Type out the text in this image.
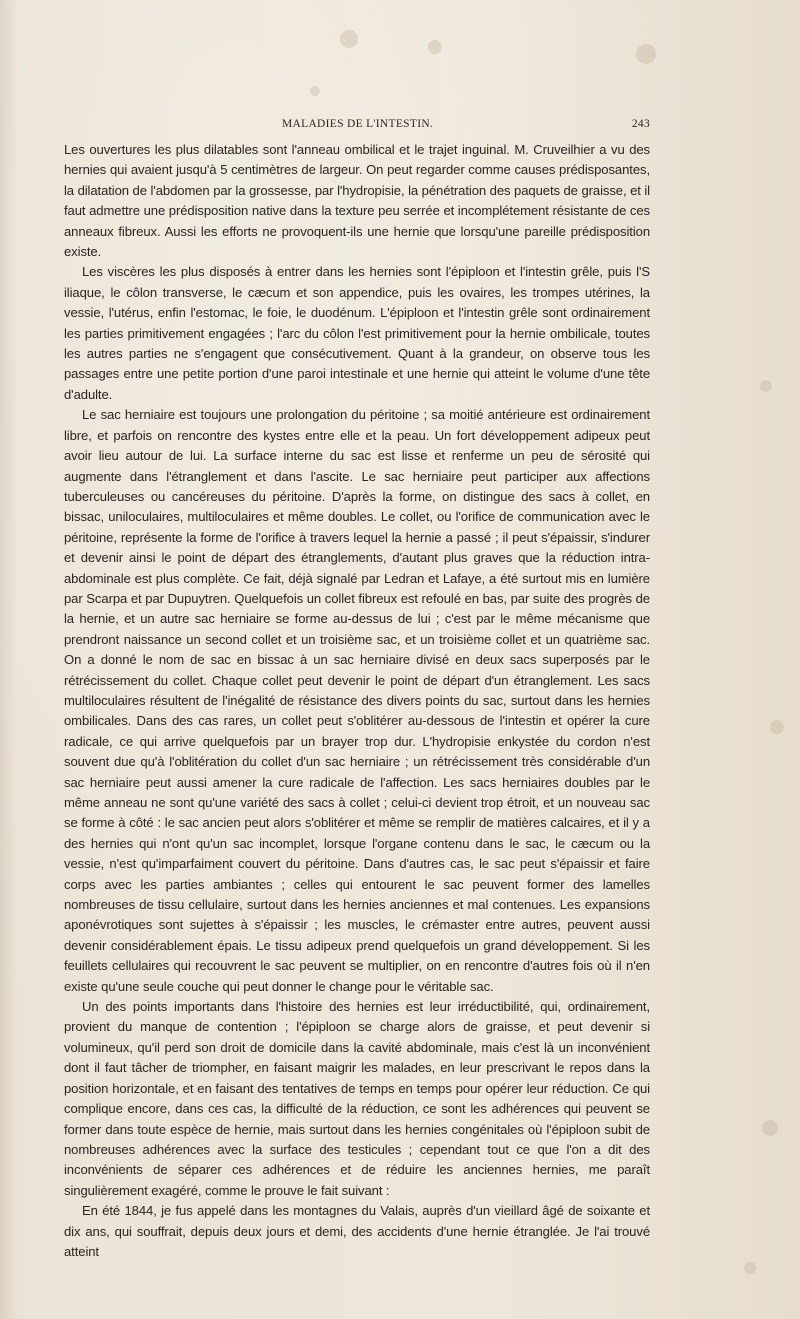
MALADIES DE L'INTESTIN.	243

Les ouvertures les plus dilatables sont l'anneau ombilical et le trajet inguinal. M. Cruveilhier a vu des hernies qui avaient jusqu'à 5 centimètres de largeur. On peut regarder comme causes prédisposantes, la dilatation de l'abdomen par la grossesse, par l'hydropisie, la pénétration des paquets de graisse, et il faut admettre une prédisposition native dans la texture peu serrée et incomplétement résistante de ces anneaux fibreux. Aussi les efforts ne provoquent-ils une hernie que lorsqu'une pareille prédisposition existe.

Les viscères les plus disposés à entrer dans les hernies sont l'épiploon et l'intestin grêle, puis l'S iliaque, le côlon transverse, le cæcum et son appendice, puis les ovaires, les trompes utérines, la vessie, l'utérus, enfin l'estomac, le foie, le duodénum. L'épiploon et l'intestin grêle sont ordinairement les parties primitivement engagées ; l'arc du côlon l'est primitivement pour la hernie ombilicale, toutes les autres parties ne s'engagent que consécutivement. Quant à la grandeur, on observe tous les passages entre une petite portion d'une paroi intestinale et une hernie qui atteint le volume d'une tête d'adulte.

Le sac herniaire est toujours une prolongation du péritoine ; sa moitié antérieure est ordinairement libre, et parfois on rencontre des kystes entre elle et la peau. Un fort développement adipeux peut avoir lieu autour de lui. La surface interne du sac est lisse et renferme un peu de sérosité qui augmente dans l'étranglement et dans l'ascite. Le sac herniaire peut participer aux affections tuberculeuses ou cancéreuses du péritoine. D'après la forme, on distingue des sacs à collet, en bissac, uniloculaires, multiloculaires et même doubles. Le collet, ou l'orifice de communication avec le péritoine, représente la forme de l'orifice à travers lequel la hernie a passé ; il peut s'épaissir, s'indurer et devenir ainsi le point de départ des étranglements, d'autant plus graves que la réduction intra-abdominale est plus complète. Ce fait, déjà signalé par Ledran et Lafaye, a été surtout mis en lumière par Scarpa et par Dupuytren. Quelquefois un collet fibreux est refoulé en bas, par suite des progrès de la hernie, et un autre sac herniaire se forme au-dessus de lui ; c'est par le même mécanisme que prendront naissance un second collet et un troisième sac, et un troisième collet et un quatrième sac. On a donné le nom de sac en bissac à un sac herniaire divisé en deux sacs superposés par le rétrécissement du collet. Chaque collet peut devenir le point de départ d'un étranglement. Les sacs multiloculaires résultent de l'inégalité de résistance des divers points du sac, surtout dans les hernies ombilicales. Dans des cas rares, un collet peut s'oblitérer au-dessous de l'intestin et opérer la cure radicale, ce qui arrive quelquefois par un brayer trop dur. L'hydropisie enkystée du cordon n'est souvent due qu'à l'oblitération du collet d'un sac herniaire ; un rétrécissement très considérable d'un sac herniaire peut aussi amener la cure radicale de l'affection. Les sacs herniaires doubles par le même anneau ne sont qu'une variété des sacs à collet ; celui-ci devient trop étroit, et un nouveau sac se forme à côté : le sac ancien peut alors s'oblitérer et même se remplir de matières calcaires, et il y a des hernies qui n'ont qu'un sac incomplet, lorsque l'organe contenu dans le sac, le cæcum ou la vessie, n'est qu'imparfaiment couvert du péritoine. Dans d'autres cas, le sac peut s'épaissir et faire corps avec les parties ambiantes ; celles qui entourent le sac peuvent former des lamelles nombreuses de tissu cellulaire, surtout dans les hernies anciennes et mal contenues. Les expansions aponévrotiques sont sujettes à s'épaissir ; les muscles, le crémaster entre autres, peuvent aussi devenir considérablement épais. Le tissu adipeux prend quelquefois un grand développement. Si les feuillets cellulaires qui recouvrent le sac peuvent se multiplier, on en rencontre d'autres fois où il n'en existe qu'une seule couche qui peut donner le change pour le véritable sac.

Un des points importants dans l'histoire des hernies est leur irréductibilité, qui, ordinairement, provient du manque de contention ; l'épiploon se charge alors de graisse, et peut devenir si volumineux, qu'il perd son droit de domicile dans la cavité abdominale, mais c'est là un inconvénient dont il faut tâcher de triompher, en faisant maigrir les malades, en leur prescrivant le repos dans la position horizontale, et en faisant des tentatives de temps en temps pour opérer leur réduction. Ce qui complique encore, dans ces cas, la difficulté de la réduction, ce sont les adhérences qui peuvent se former dans toute espèce de hernie, mais surtout dans les hernies congénitales où l'épiploon subit de nombreuses adhérences avec la surface des testicules ; cependant tout ce que l'on a dit des inconvénients de séparer ces adhérences et de réduire les anciennes hernies, me paraît singulièrement exagéré, comme le prouve le fait suivant :

En été 1844, je fus appelé dans les montagnes du Valais, auprès d'un vieillard âgé de soixante et dix ans, qui souffrait, depuis deux jours et demi, des accidents d'une hernie étranglée. Je l'ai trouvé atteint
